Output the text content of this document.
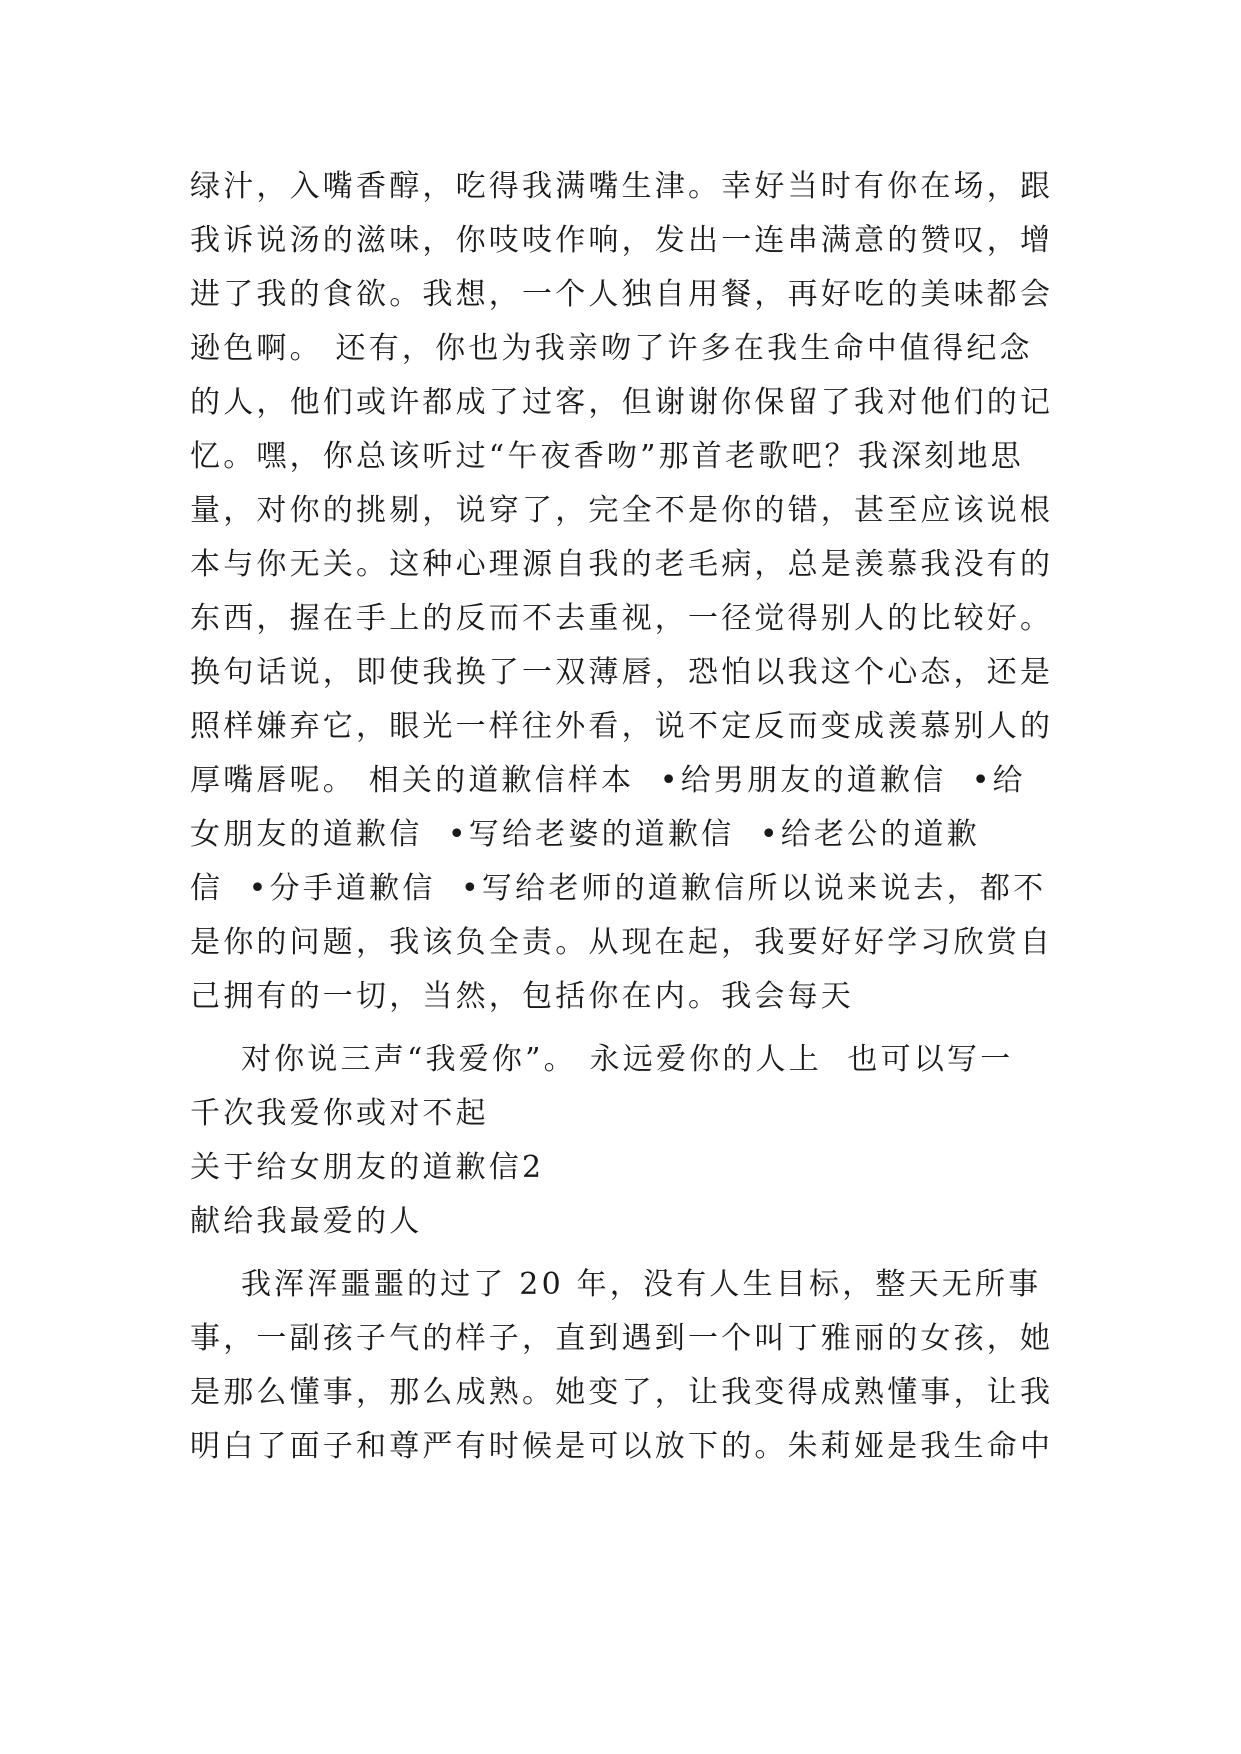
绿汁，入嘴香醇，吃得我满嘴生津。幸好当时有你在场，跟
我诉说汤的滋味，你吱吱作响，发出一连串满意的赞叹，增
进了我的食欲。我想，一个人独自用餐，再好吃的美味都会
逊色啊。 还有，你也为我亲吻了许多在我生命中值得纪念
的人，他们或许都成了过客，但谢谢你保留了我对他们的记
忆。嘿，你总该听过“午夜香吻”那首老歌吧？我深刻地思
量，对你的挑剔，说穿了，完全不是你的错，甚至应该说根
本与你无关。这种心理源自我的老毛病，总是羡慕我没有的
东西，握在手上的反而不去重视，一径觉得别人的比较好。
换句话说，即使我换了一双薄唇，恐怕以我这个心态，还是
照样嫌弃它，眼光一样往外看，说不定反而变成羡慕别人的
厚嘴唇呢。 相关的道歉信样本  •给男朋友的道歉信  •给
女朋友的道歉信  •写给老婆的道歉信  •给老公的道歉
信  •分手道歉信  •写给老师的道歉信所以说来说去，都不
是你的问题，我该负全责。从现在起，我要好好学习欣赏自
己拥有的一切，当然，包括你在内。我会每天
对你说三声“我爱你”。 永远爱你的人上  也可以写一
千次我爱你或对不起
关于给女朋友的道歉信2
献给我最爱的人
我浑浑噩噩的过了 20 年，没有人生目标，整天无所事
事，一副孩子气的样子，直到遇到一个叫丁雅丽的女孩，她
是那么懂事，那么成熟。她变了，让我变得成熟懂事，让我
明白了面子和尊严有时候是可以放下的。朱莉娅是我生命中
